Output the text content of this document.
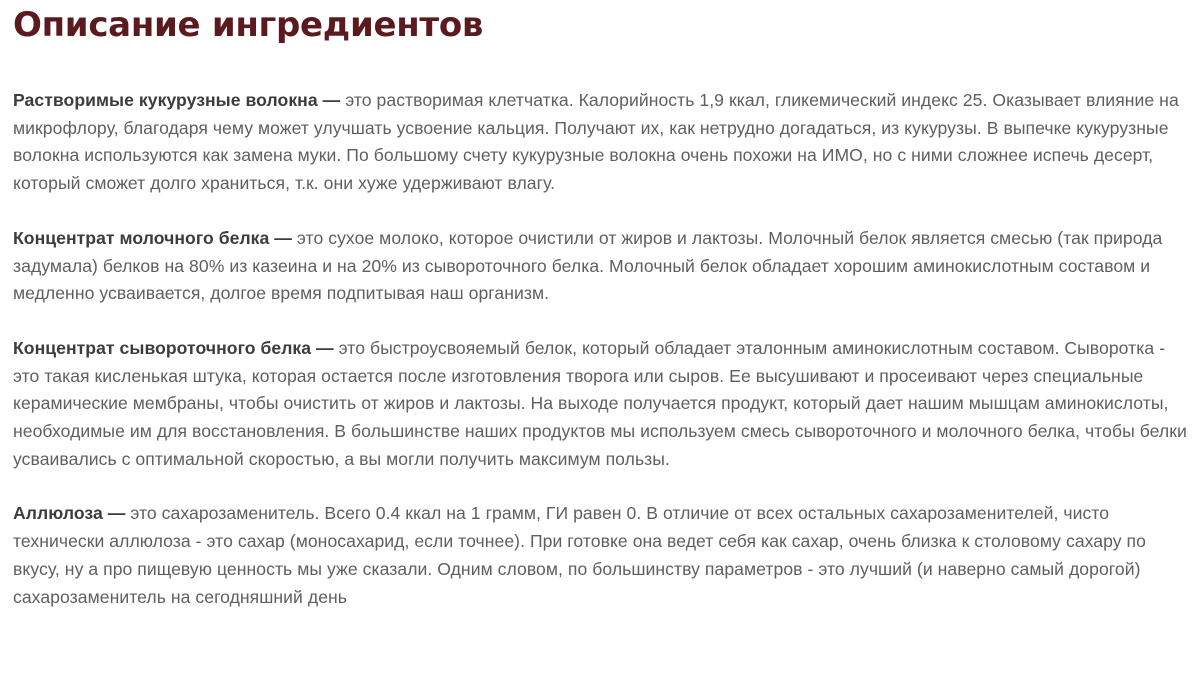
Описание ингредиентов

Растворимые кукурузные волокна — это растворимая клетчатка. Калорийность 1,9 ккал, гликемический индекс 25. Оказывает влияние на микрофлору, благодаря чему может улучшать усвоение кальция. Получают их, как нетрудно догадаться, из кукурузы. В выпечке кукурузные волокна используются как замена муки. По большому счету кукурузные волокна очень похожи на ИМО, но с ними сложнее испечь десерт, который сможет долго храниться, т.к. они хуже удерживают влагу.

Концентрат молочного белка — это сухое молоко, которое очистили от жиров и лактозы. Молочный белок является смесью (так природа задумала) белков на 80% из казеина и на 20% из сывороточного белка. Молочный белок обладает хорошим аминокислотным составом и медленно усваивается, долгое время подпитывая наш организм.

Концентрат сывороточного белка — это быстроусвояемый белок, который обладает эталонным аминокислотным составом. Сыворотка - это такая кисленькая штука, которая остается после изготовления творога или сыров. Ее высушивают и просеивают через специальные керамические мембраны, чтобы очистить от жиров и лактозы. На выходе получается продукт, который дает нашим мышцам аминокислоты, необходимые им для восстановления. В большинстве наших продуктов мы используем смесь сывороточного и молочного белка, чтобы белки усваивались с оптимальной скоростью, а вы могли получить максимум пользы.

Аллюлоза — это сахарозаменитель. Всего 0.4 ккал на 1 грамм, ГИ равен 0. В отличие от всех остальных сахарозаменителей, чисто технически аллюлоза - это сахар (моносахарид, если точнее). При готовке она ведет себя как сахар, очень близка к столовому сахару по вкусу, ну а про пищевую ценность мы уже сказали. Одним словом, по большинству параметров - это лучший (и наверно самый дорогой) сахарозаменитель на сегодняшний день
